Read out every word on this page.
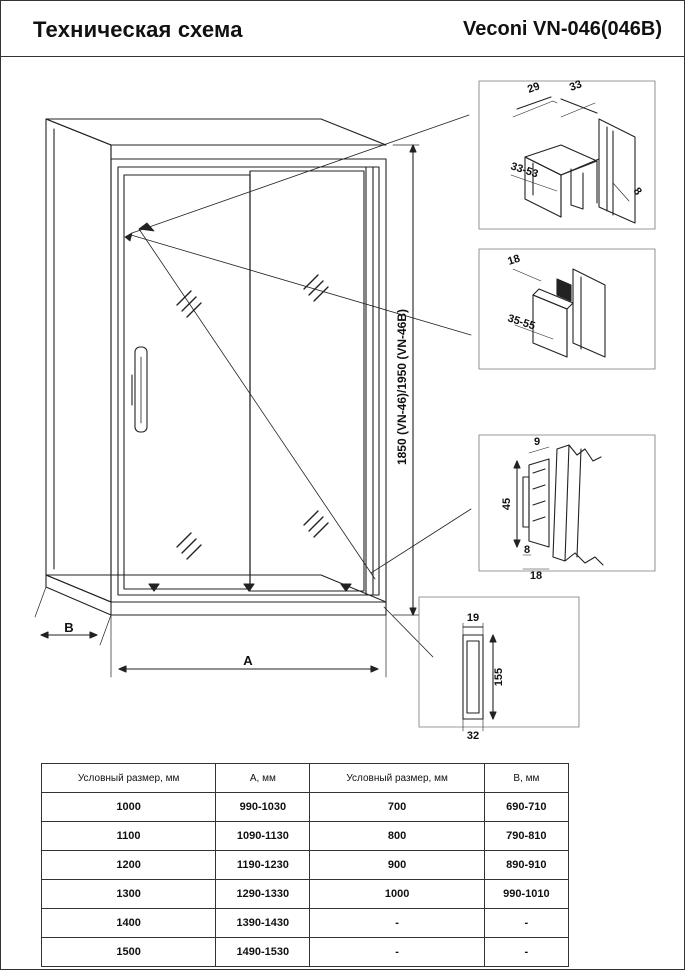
Техническая схема	Veconi VN-046(046B)
1850 (VN-46)/1950 (VN-46B)
A
B
29 33
33-53
8
18
35-55
9
45
8
18
19
155
32
Условный размер, мм	А, мм	Условный размер, мм	В, мм
1000	990-1030	700	690-710
1100	1090-1130	800	790-810
1200	1190-1230	900	890-910
1300	1290-1330	1000	990-1010
1400	1390-1430	-	-
1500	1490-1530	-	-
